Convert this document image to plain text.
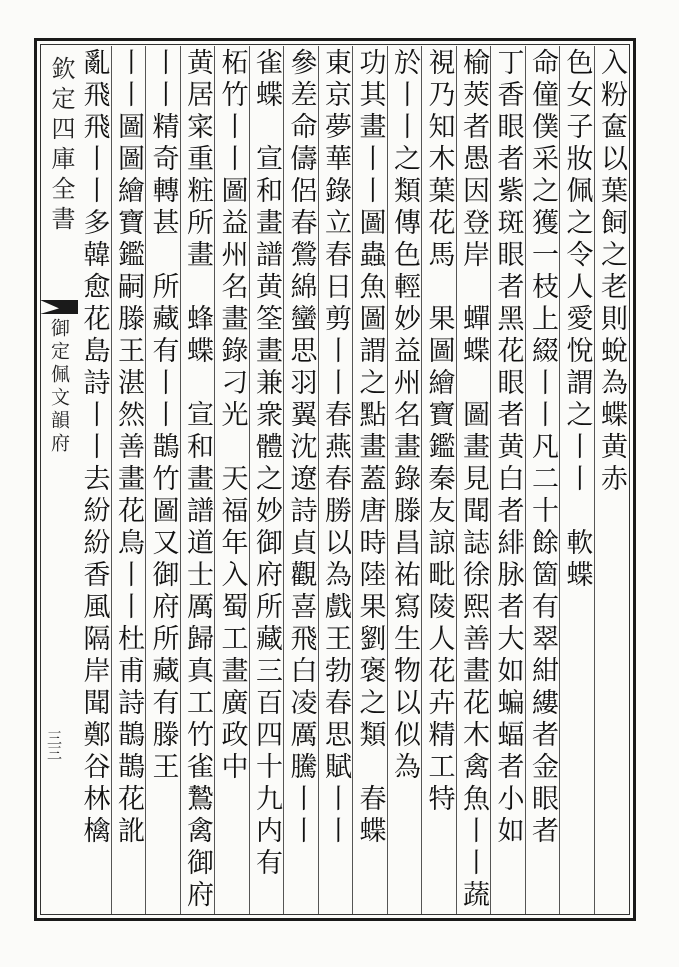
欽定四庫全書
御定佩文韻府
三三
入粉奩以葉飼之老則蛻為蝶黄赤
色女子妝佩之令人愛悅謂之丨丨　軟蝶
命僮僕采之獲一枝上綴丨丨凡二十餘箇有翠紺縷者金眼者
丁香眼者紫斑眼者黑花眼者黄白者緋脉者大如蝙蝠者小如
榆莢者愚因登岸　蟬蝶　圖畫見聞誌徐熙善畫花木禽魚丨丨蔬
視乃知木葉花馬　果圖繪寶鑑秦友諒毗陵人花卉精工特
於丨丨之類傳色輕妙益州名畫錄滕昌祐寫生物以似為
功其畫丨丨圖蟲魚圖謂之點畫蓋唐時陸果劉褒之類　春蝶
東京夢華錄立春日剪丨丨春燕春勝以為戲王勃春思賦丨丨
參差命儔侶春鶯綿蠻思羽翼沈遼詩貞觀喜飛白凌厲騰丨丨
雀蝶　宣和畫譜黄筌畫兼衆體之妙御府所藏三百四十九内有
柘竹丨丨圖益州名畫錄刁光　天福年入蜀工畫廣政中
黄居寀重粧所畫　蜂蝶　宣和畫譜道士厲歸真工竹雀鷙禽御府
丨丨精奇轉甚　所藏有丨丨鵲竹圖又御府所藏有滕王
丨丨圖圖繪寶鑑嗣滕王湛然善畫花鳥丨丨杜甫詩鵲鵲花訛
亂飛飛丨丨多韓愈花島詩丨丨去紛紛香風隔岸聞鄭谷林檎
